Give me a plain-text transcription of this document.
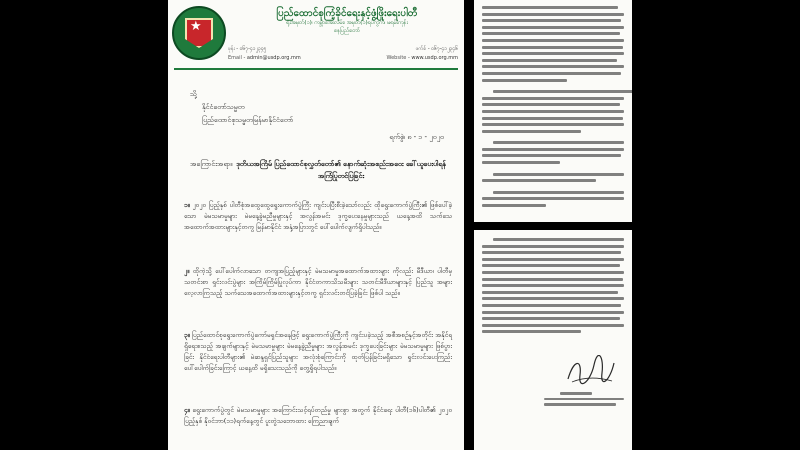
★
ပြည်ထောင်စုကြံ့ခိုင်ရေးနှင့်ဖွံ့ဖြိုးရေးပါတီ
ရုံးအမှတ်(၁)၊ ကမ္ဘာအေးလမ်း၊ အမှတ်(၁)ရပ်ကွက်၊ မရမ်းကုန်း
နေပြည်တော်
ဖုန်း - ၀၆၇-၄၁၂၃၄၅	ဖက်စ် - ၀၆၇-၄၁၂၃၄၆
Email - admin@usdp.org.mm	Website - www.usdp.org.mm
သို့
နိုင်ငံတော်သမ္မတ
ပြည်ထောင်စုသမ္မတမြန်မာနိုင်ငံတော်
ရက်စွဲ၊ ၈ - ၁ - ၂၀၂၀
အကြောင်းအရာ။ ဒုတိယအကြိမ် ပြည်ထောင်စုလွှတ်တော်၏ နောက်ဆုံးအစည်းအဝေး ခေါ်ယူပေးပါရန် အကြံပြုတင်ပြခြင်း
၁။ ၂၀၂၀ ပြည့်နှစ် ပါတီစုံအထွေထွေရွေးကောက်ပွဲကြီး ကျင်းပပြီးစီးခဲ့သော်လည်း ထိုရွေးကောက်ပွဲကြီး၏ ဖြစ်ပေါ်ခဲ့သော မဲမသမာမှုများ မဲမနေ့ခွဲမညီမှုများနှင့် အလွန်အမင်း ဒုက္ခပေးနေမှုများသည် ယနေ့အထိ သက်သေအထောက်အထားများနှင့်တကွ မြန်မာနိုင်ငံ အနှံ့အပြားတွင် ပေါ်ပေါက်လျက်ရှိပါသည်။
၂။ ထိုကဲ့သို့ ပေါ်ပေါက်လာသော တကျအပြည့်များနှင့် မဲမသမာမှုအထောက်အထားများ ကိုလည်း မီဒီယာ၊ ပါတီမှ သတင်းစာ ရှင်းလင်းပွဲများ အကြိမ်ကြိမ်ပြုလုပ်ကာ နိုင်ငံတကာသိသမီးများ သတင်းမီဒီယာများနှင့် ပြည်သူ အများလေ့လာကြသည့် သက်သေအထောက်အထားများနှင့်တကွ ရှင်းလင်းတင်ပြခဲ့ခြင်း ဖြစ်ပါ သည်။
၃။ ပြည်ထောင်စုရွေးကောက်ပွဲကော်မရှင်အနေဖြင့် ရွေးကောက်ပွဲကြီးကို ကျင်းပခဲ့သည့် အစီအစဉ်နှင့်အတိုင်း အနိုင်ရရှိရေးစသည့် အချက်များနှင့် မဲမသမာမှုများ မဲမနေ့ခွဲညီမှုများ အလွန်အမင်း ဒုက္ခပေးခြင်းများ မဲမသမာမှုများ ဖြစ်ပွားခြင်း နိုင်ငံရေးပါတီများ၏ မဲဆန္ဒရှင်ပြည်သူများ အလုံးစုံကြောင်းကို ထုတ်ပြန်ခြင်းမရှိသော ရှင်းလင်းပေးကြည်းပေါ်ပေါက်ခြင်းကြောင့် ယနေ့ထိ မရှိသေးသည်ကို တွေ့ရှိရပါသည်။
၄။ ရွေးကောက်ပွဲတွင် မဲမသမာမှုများ အကြောင်းသင့်ရပ်တည်မှု များစွာ အတွက် နိုင်ငံရေး ပါတီ(၁၆)ပါတီ၏ ၂၀၂၀ ပြည့်နှစ် နိုဝင်ဘာ(၁၁)ရက်နေ့တွင် ပူးတွဲသဘောထား ကြေညာချက်
